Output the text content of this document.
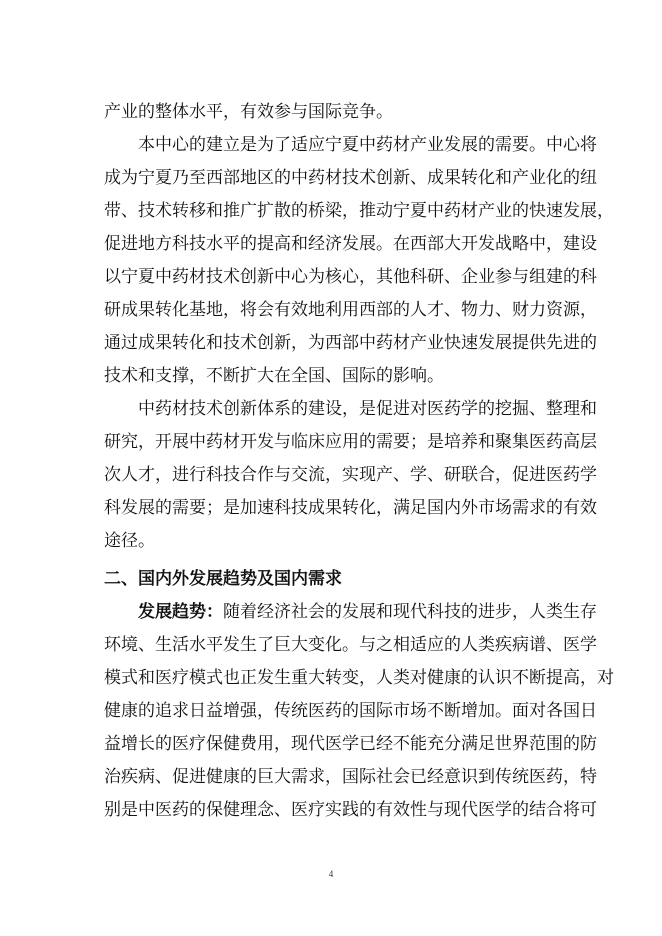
产业的整体水平，有效参与国际竞争。
本中心的建立是为了适应宁夏中药材产业发展的需要。中心将
成为宁夏乃至西部地区的中药材技术创新、成果转化和产业化的纽
带、技术转移和推广扩散的桥梁，推动宁夏中药材产业的快速发展，
促进地方科技水平的提高和经济发展。在西部大开发战略中，建设
以宁夏中药材技术创新中心为核心，其他科研、企业参与组建的科
研成果转化基地，将会有效地利用西部的人才、物力、财力资源，
通过成果转化和技术创新，为西部中药材产业快速发展提供先进的
技术和支撑，不断扩大在全国、国际的影响。
中药材技术创新体系的建设，是促进对医药学的挖掘、整理和
研究，开展中药材开发与临床应用的需要；是培养和聚集医药高层
次人才，进行科技合作与交流，实现产、学、研联合，促进医药学
科发展的需要；是加速科技成果转化，满足国内外市场需求的有效
途径。
二、国内外发展趋势及国内需求
发展趋势：随着经济社会的发展和现代科技的进步，人类生存
环境、生活水平发生了巨大变化。与之相适应的人类疾病谱、医学
模式和医疗模式也正发生重大转变，人类对健康的认识不断提高，对
健康的追求日益增强，传统医药的国际市场不断增加。面对各国日
益增长的医疗保健费用，现代医学已经不能充分满足世界范围的防
治疾病、促进健康的巨大需求，国际社会已经意识到传统医药，特
别是中医药的保健理念、医疗实践的有效性与现代医学的结合将可
4
